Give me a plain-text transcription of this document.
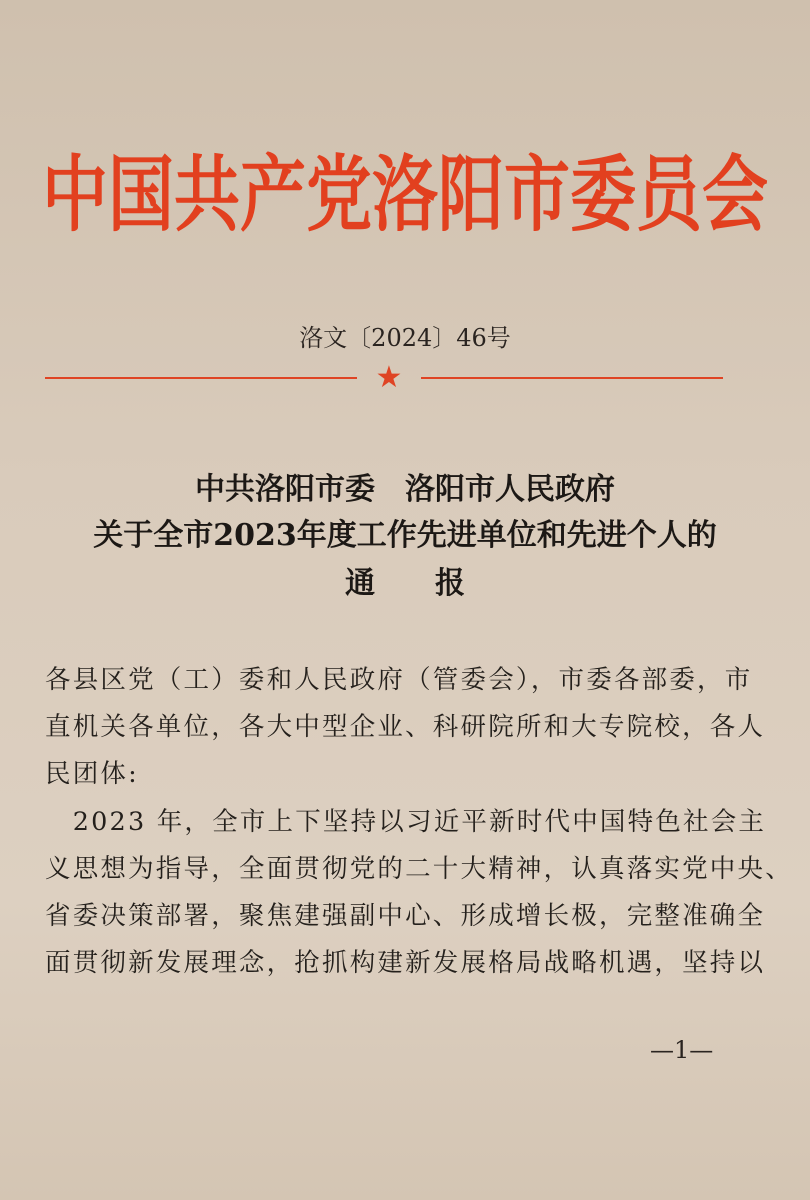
中国共产党洛阳市委员会
洛文〔2024〕46号
★
中共洛阳市委　洛阳市人民政府
关于全市2023年度工作先进单位和先进个人的
通　　报
各县区党（工）委和人民政府（管委会），市委各部委，市
直机关各单位，各大中型企业、科研院所和大专院校，各人
民团体:
　2023 年，全市上下坚持以习近平新时代中国特色社会主
义思想为指导，全面贯彻党的二十大精神，认真落实党中央、
省委决策部署，聚焦建强副中心、形成增长极，完整准确全
面贯彻新发展理念，抢抓构建新发展格局战略机遇，坚持以
—1—
